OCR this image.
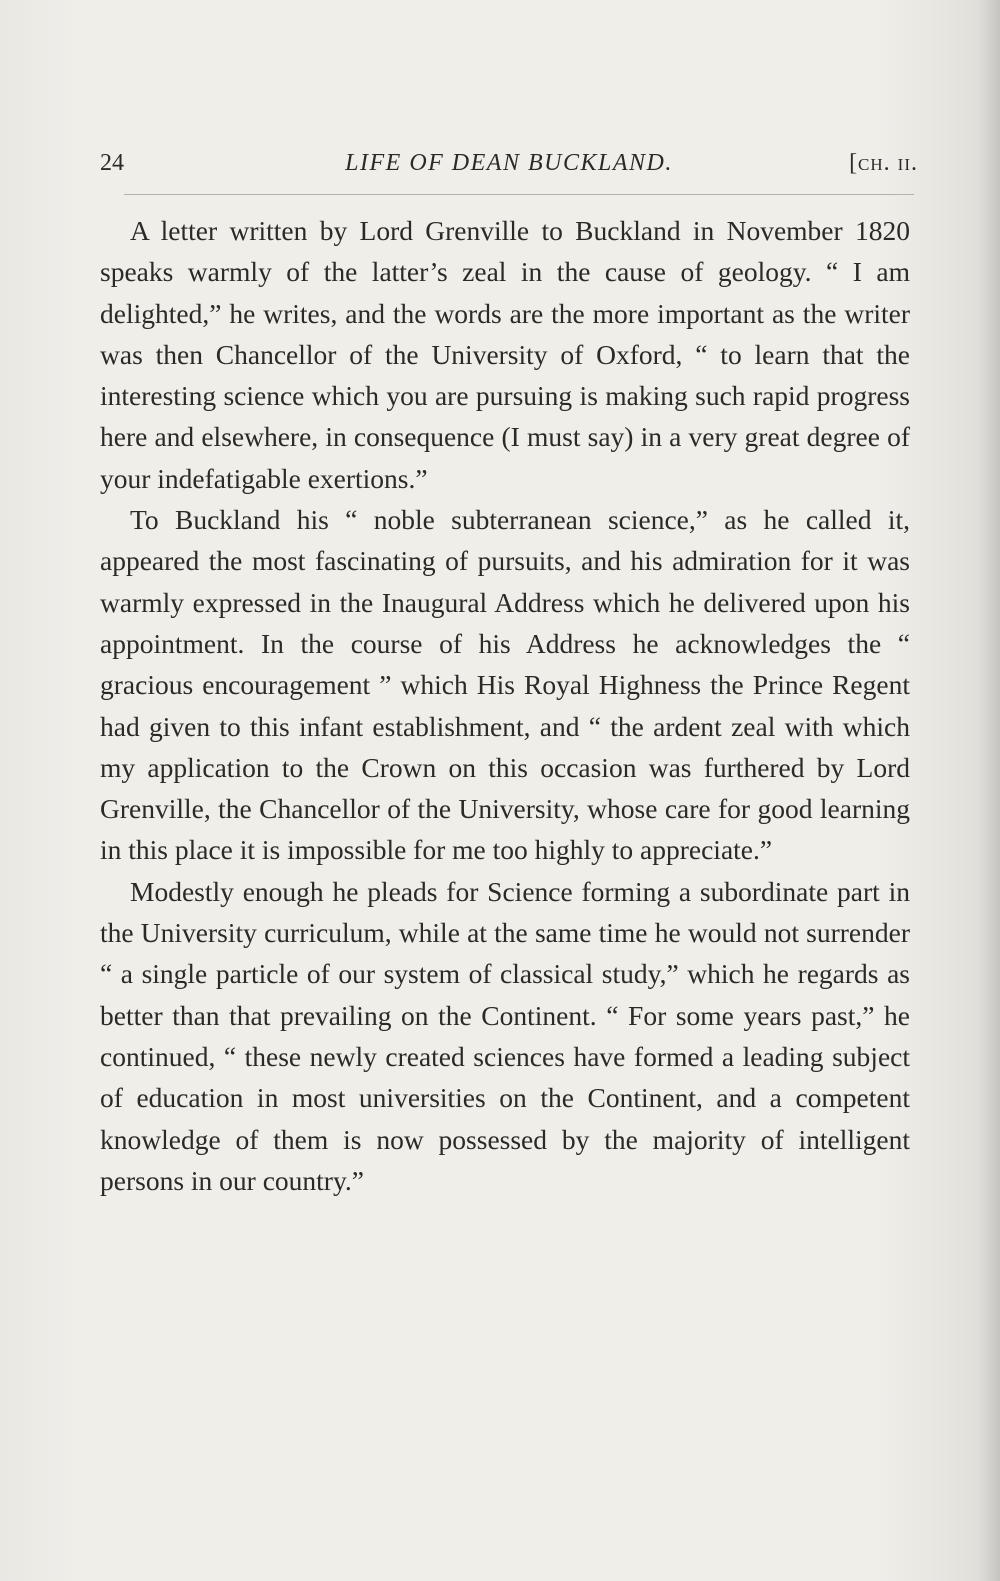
24	LIFE OF DEAN BUCKLAND.	[ch. ii.

A letter written by Lord Grenville to Buckland in November 1820 speaks warmly of the latter’s zeal in the cause of geology. “ I am delighted,” he writes, and the words are the more important as the writer was then Chancellor of the University of Oxford, “ to learn that the interesting science which you are pursuing is making such rapid progress here and elsewhere, in consequence (I must say) in a very great degree of your indefatigable exertions.”

To Buckland his “ noble subterranean science,” as he called it, appeared the most fascinating of pursuits, and his admiration for it was warmly expressed in the Inaugural Address which he delivered upon his appointment. In the course of his Address he acknowledges the “ gracious encouragement ” which His Royal Highness the Prince Regent had given to this infant establishment, and “ the ardent zeal with which my application to the Crown on this occasion was furthered by Lord Grenville, the Chancellor of the University, whose care for good learning in this place it is impossible for me too highly to appreciate.”

Modestly enough he pleads for Science forming a subordinate part in the University curriculum, while at the same time he would not surrender “ a single particle of our system of classical study,” which he regards as better than that prevailing on the Continent. “ For some years past,” he continued, “ these newly created sciences have formed a leading subject of education in most universities on the Continent, and a competent knowledge of them is now possessed by the majority of intelligent persons in our country.”
